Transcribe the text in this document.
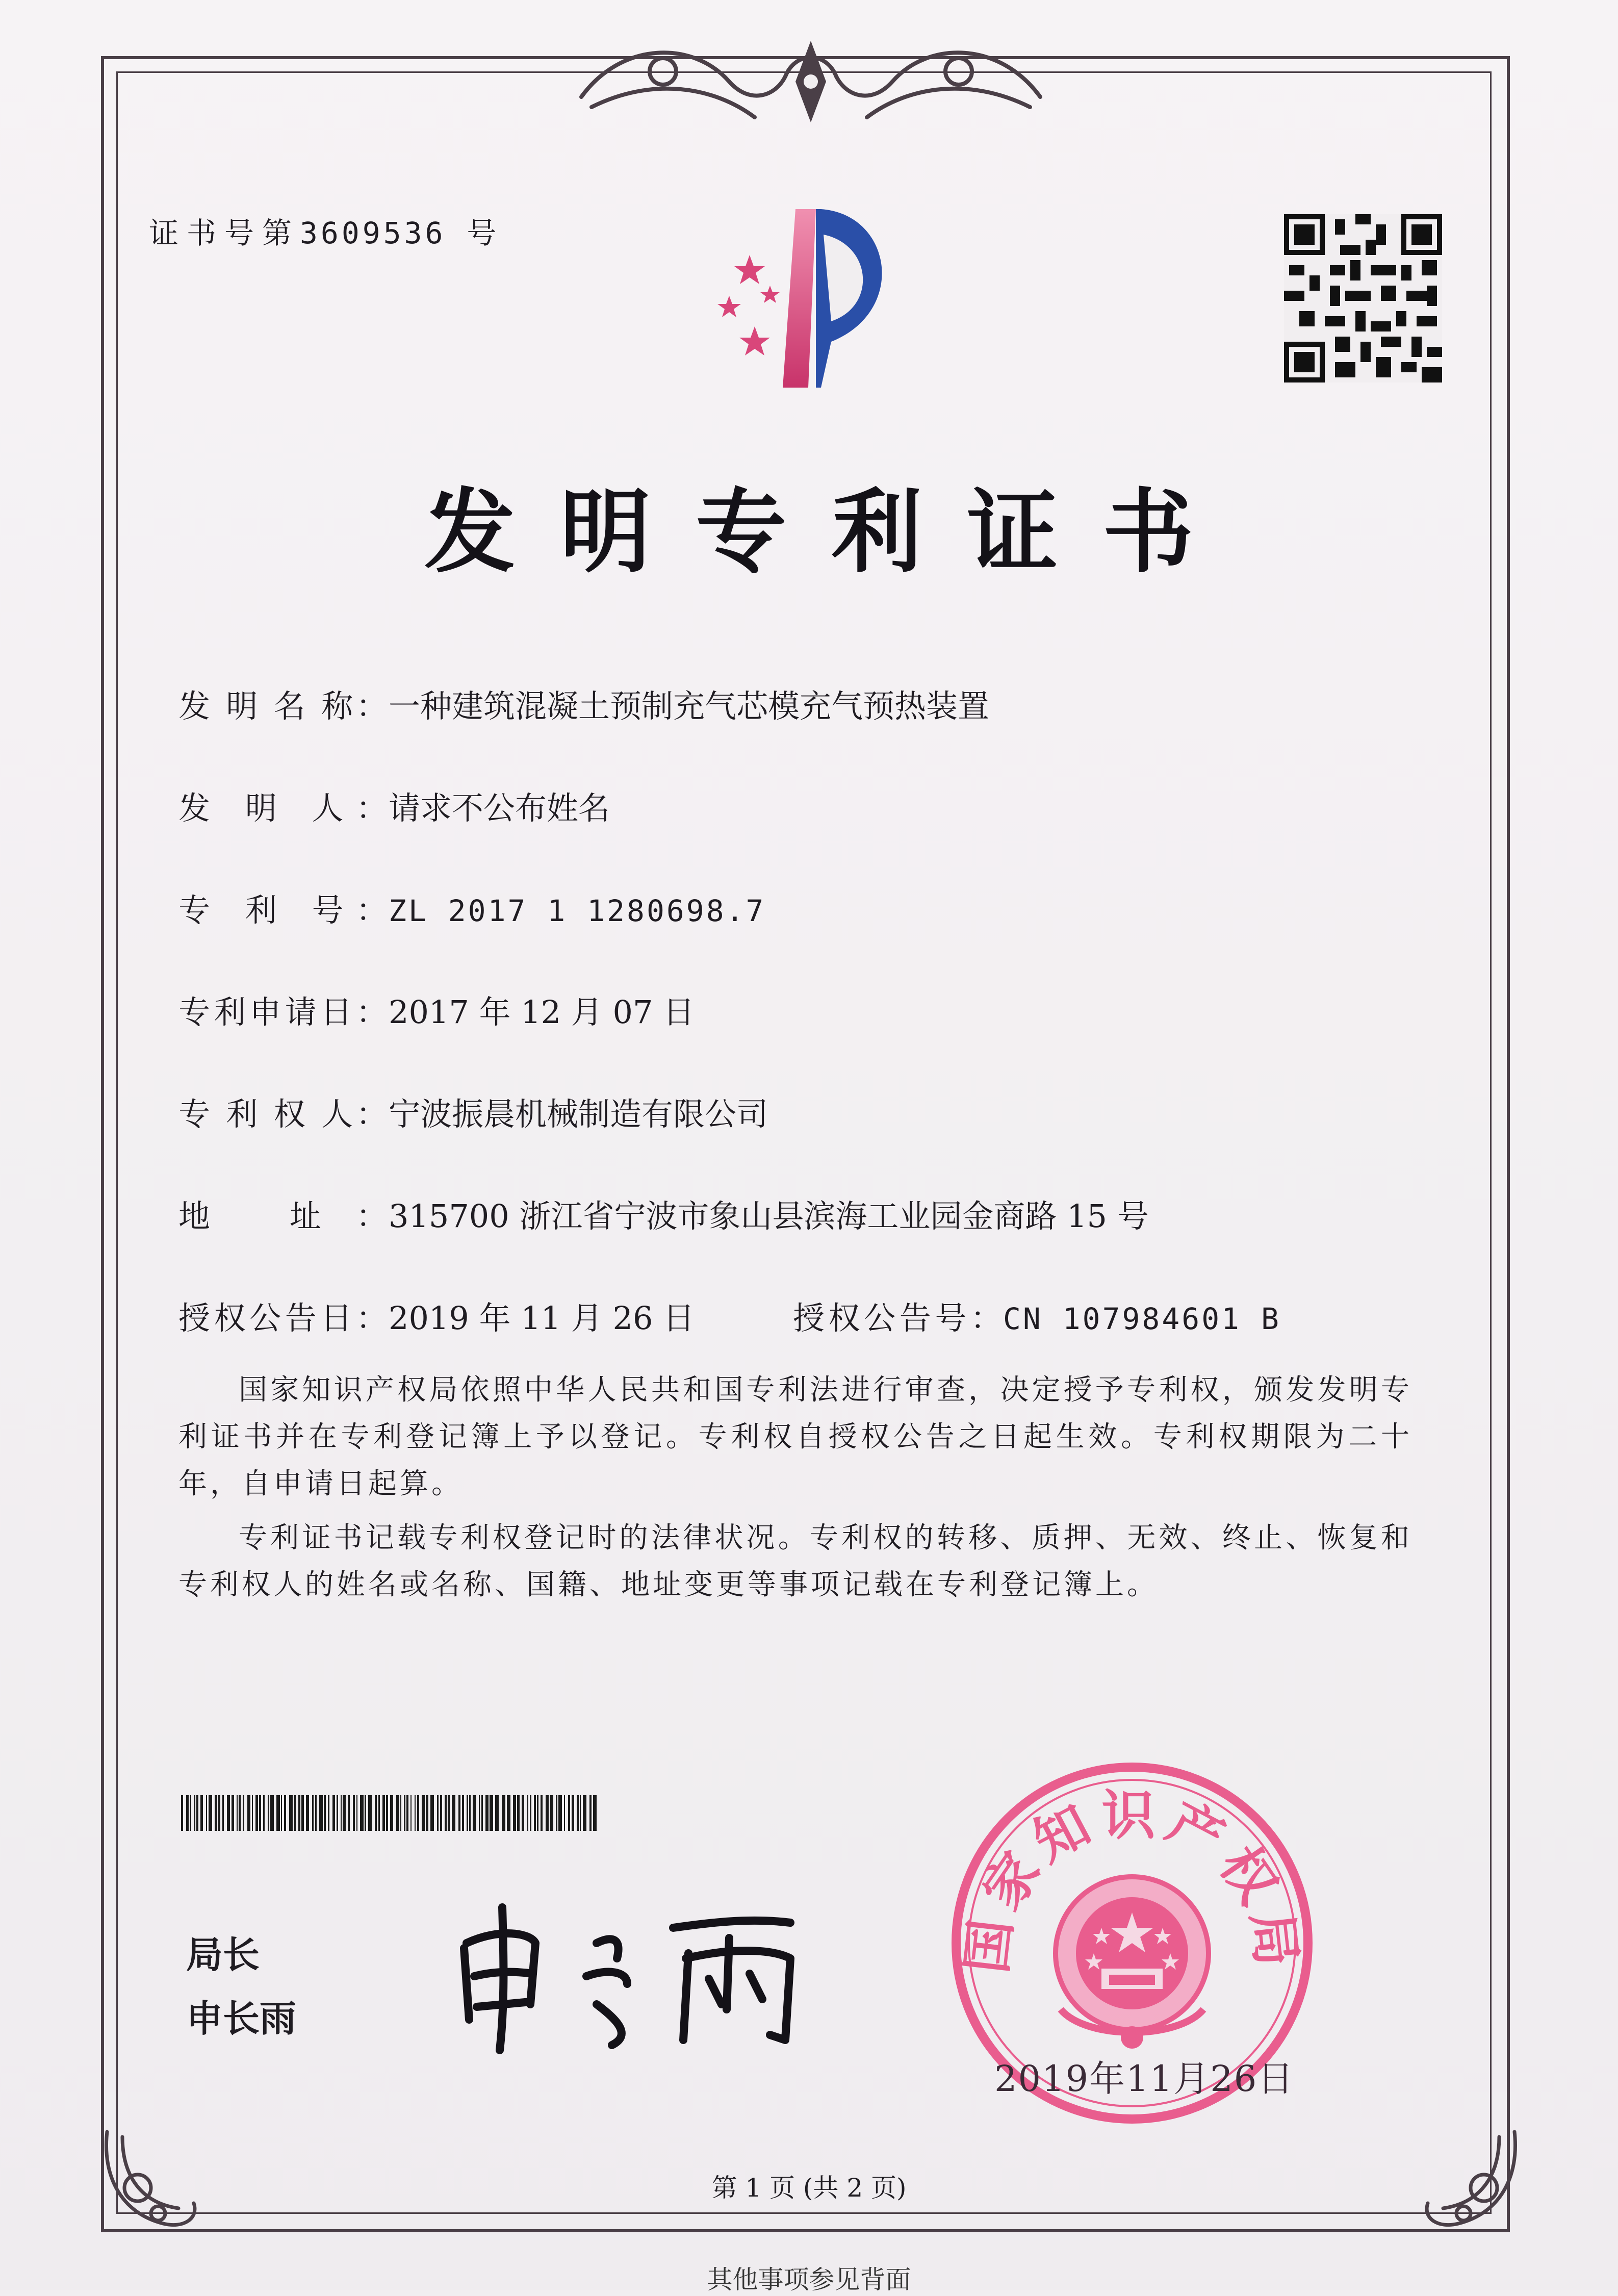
证书号第3609536 号
发明专利证书
发 明 名 称：一种建筑混凝土预制充气芯模充气预热装置
发 明 人：请求不公布姓名
专 利 号：ZL 2017 1 1280698.7
专利申请日：2017 年 12 月 07 日
专 利 权 人：宁波振晨机械制造有限公司
地 址：315700 浙江省宁波市象山县滨海工业园金商路 15 号
授权公告日：2019 年 11 月 26 日	授权公告号：CN 107984601 B
国家知识产权局依照中华人民共和国专利法进行审查，决定授予专利权，颁发发明专利证书并在专利登记簿上予以登记。专利权自授权公告之日起生效。专利权期限为二十年，自申请日起算。
专利证书记载专利权登记时的法律状况。专利权的转移、质押、无效、终止、恢复和专利权人的姓名或名称、国籍、地址变更等事项记载在专利登记簿上。
局长
申长雨
国家知识产权局
2019年11月26日
第 1 页 (共 2 页)
其他事项参见背面
